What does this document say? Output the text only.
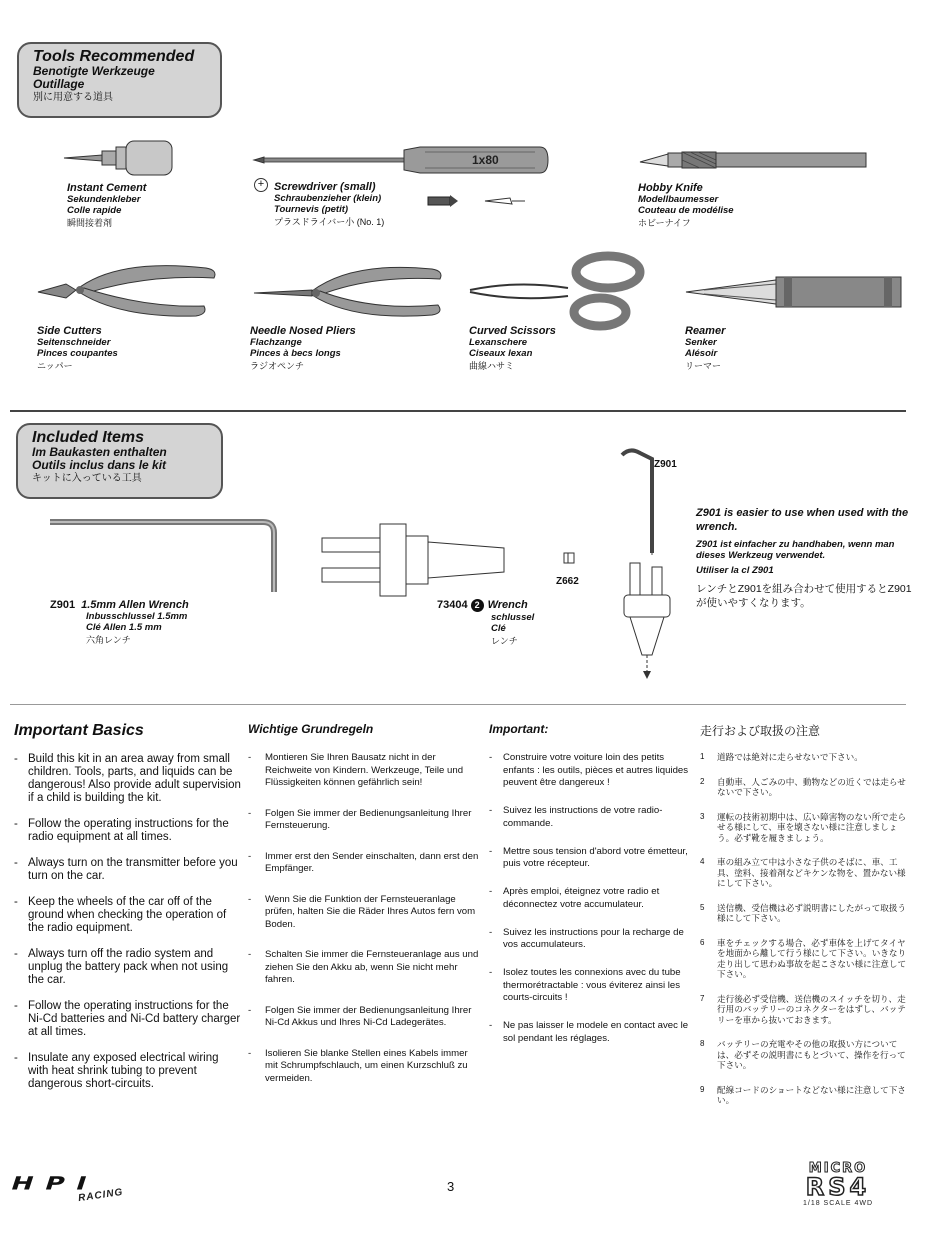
Tools Recommended
Benotigte Werkzeuge
Outillage
別に用意する道具
1x80
+
Instant Cement
Sekundenkleber
Colle rapide
瞬間接着剤
Screwdriver (small)
Schraubenzieher (klein)
Tournevis (petit)
プラスドライバー小 (No. 1)
Hobby Knife
Modellbaumesser
Couteau de modélise
ホビーナイフ
Side Cutters
Seitenschneider
Pinces coupantes
ニッパー
Needle Nosed Pliers
Flachzange
Pinces à becs longs
ラジオペンチ
Curved Scissors
Lexanschere
Ciseaux lexan
曲線ハサミ
Reamer
Senker
Alésoir
リーマー
Included Items
Im Baukasten enthalten
Outils inclus dans le kit
キットに入っている工具
Z662
Z901
Z901 1.5mm Allen Wrench
Inbusschlussel 1.5mm
Clé Allen 1.5 mm
六角レンチ
73404 2 Wrench
schlussel
Clé
レンチ
Z901 is easier to use when used with the wrench.
Z901 ist einfacher zu handhaben, wenn man dieses Werkzeug verwendet.
Utiliser la cl Z901
レンチとZ901を組み合わせて使用するとZ901が使いやすくなります。
Important Basics
- Build this kit in an area away from small children. Tools, parts, and liquids can be dangerous! Also provide adult supervision if a child is building the kit.
- Follow the operating instructions for the radio equipment at all times.
- Always turn on the transmitter before you turn on the car.
- Keep the wheels of the car off of the ground when checking the operation of the radio equipment.
- Always turn off the radio system and unplug the battery pack when not using the car.
- Follow the operating instructions for the Ni-Cd batteries and Ni-Cd battery charger at all times.
- Insulate any exposed electrical wiring with heat shrink tubing to prevent dangerous short-circuits.
Wichtige Grundregeln
- Montieren Sie Ihren Bausatz nicht in der Reichweite von Kindern. Werkzeuge, Teile und Flüssigkeiten können gefährlich sein!
- Folgen Sie immer der Bedienungsanleitung Ihrer Fernsteuerung.
- Immer erst den Sender einschalten, dann erst den Empfänger.
- Wenn Sie die Funktion der Fernsteueranlage prüfen, halten Sie die Räder Ihres Autos fern vom Boden.
- Schalten Sie immer die Fernsteueranlage aus und ziehen Sie den Akku ab, wenn Sie nicht mehr fahren.
- Folgen Sie immer der Bedienungsanleitung Ihrer Ni-Cd Akkus und Ihres Ni-Cd Ladegerätes.
- Isolieren Sie blanke Stellen eines Kabels immer mit Schrumpfschlauch, um einen Kurzschluß zu vermeiden.
Important:
- Construire votre voiture loin des petits enfants : les outils, pièces et autres liquides peuvent être dangereux !
- Suivez les instructions de votre radio-commande.
- Mettre sous tension d'abord votre émetteur, puis votre récepteur.
- Après emploi, éteignez votre radio et déconnectez votre accumulateur.
- Suivez les instructions pour la recharge de vos accumulateurs.
- Isolez toutes les connexions avec du tube thermorétractable : vous éviterez ainsi les courts-circuits !
- Ne pas laisser le modele en contact avec le sol pendant les réglages.
走行および取扱の注意
1 道路では絶対に走らせないで下さい。
2 自動車、人ごみの中、動物などの近くでは走らせないで下さい。
3 運転の技術初期中は、広い障害物のない所で走らせる様にして、車を壊さない様に注意しましょう。必ず靴を履きましょう。
4 車の組み立て中は小さな子供のそばに、車、工具、塗料、接着剤などキケンな物を、置かない様にして下さい。
5 送信機、受信機は必ず説明書にしたがって取扱う様にして下さい。
6 車をチェックする場合、必ず車体を上げてタイヤを地面から離して行う様にして下さい。いきなり走り出して思わぬ事故を起こさない様に注意して下さい。
7 走行後必ず受信機、送信機のスイッチを切り、走行用のバッテリーのコネクターをはずし、バッテリーを車から抜いておきます。
8 バッテリーの充電やその他の取扱い方については、必ずその説明書にもとづいて、操作を行って下さい。
9 配線コードのショートなどない様に注意して下さい。
HPI
RACING
3
MICRO
RS4
1/18 SCALE 4WD
